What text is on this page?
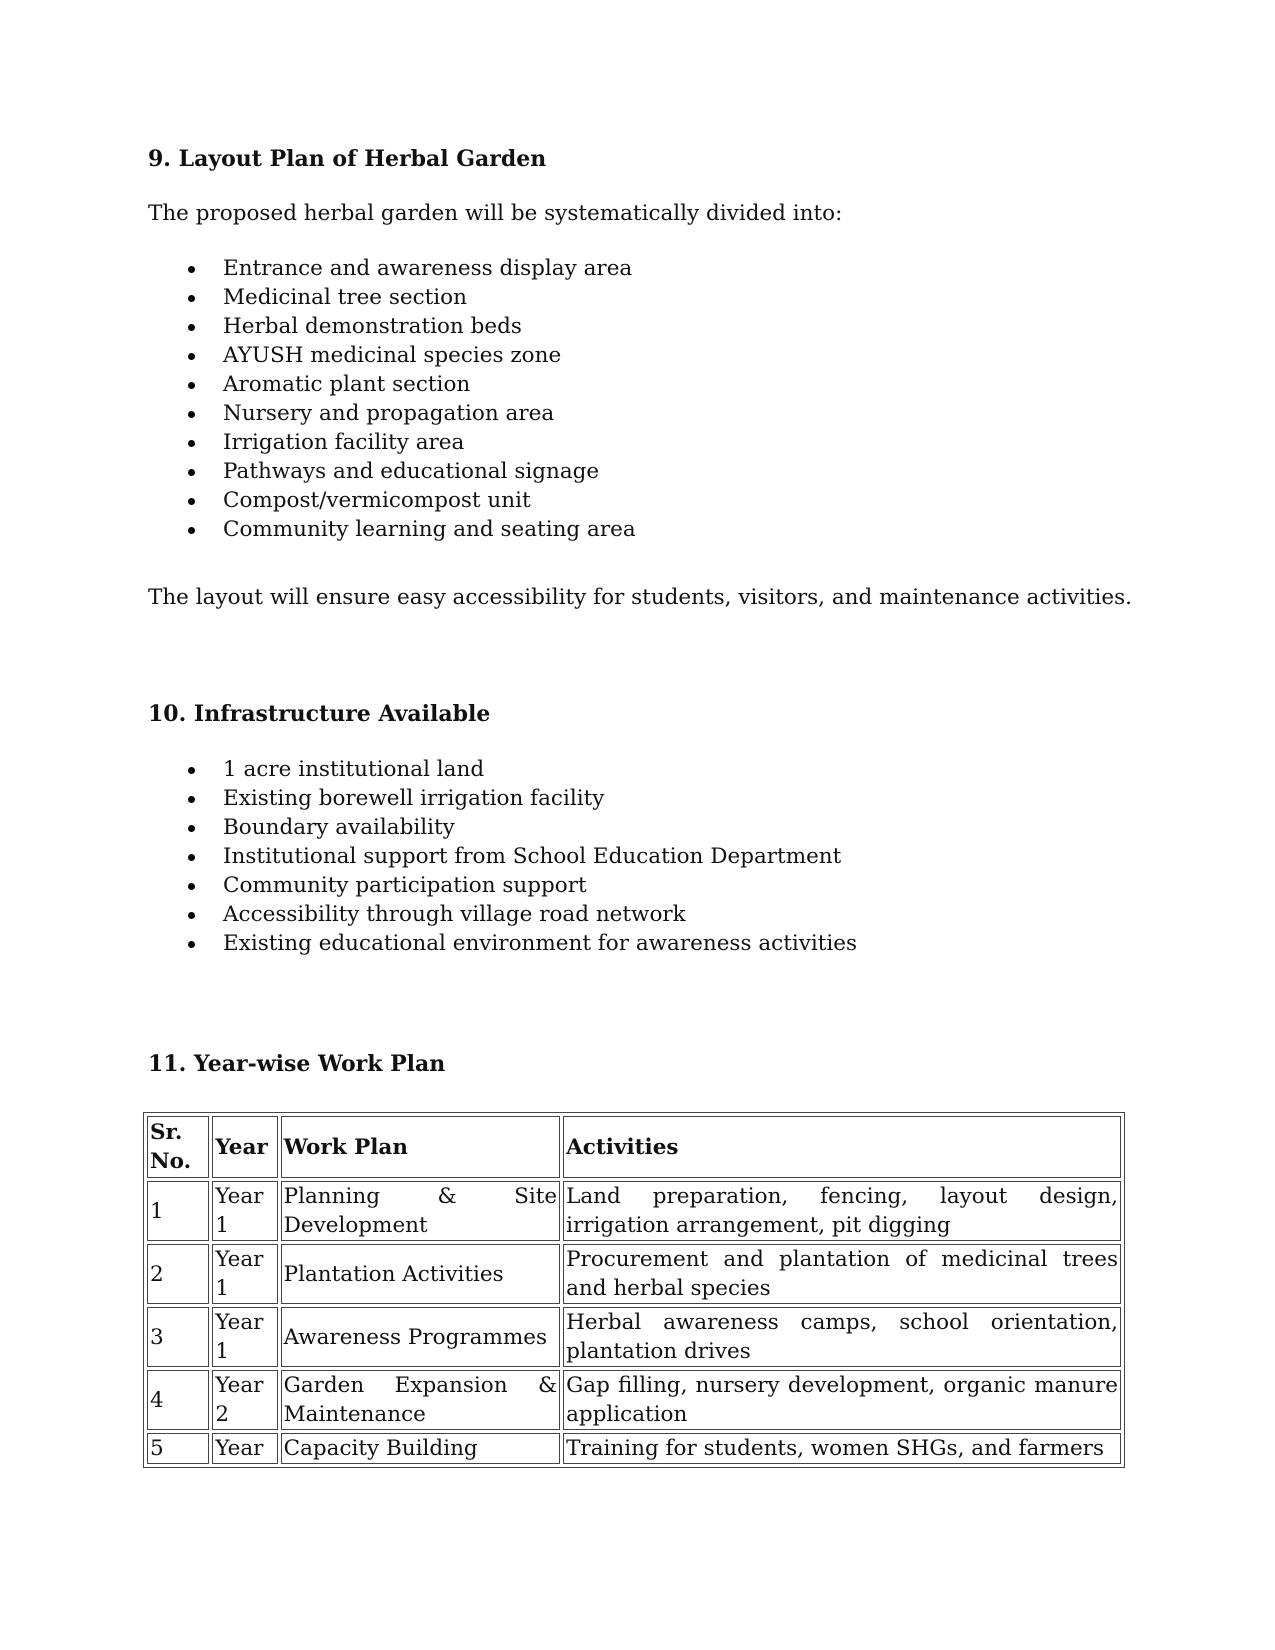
9. Layout Plan of Herbal Garden
The proposed herbal garden will be systematically divided into:
Entrance and awareness display area
Medicinal tree section
Herbal demonstration beds
AYUSH medicinal species zone
Aromatic plant section
Nursery and propagation area
Irrigation facility area
Pathways and educational signage
Compost/vermicompost unit
Community learning and seating area
The layout will ensure easy accessibility for students, visitors, and maintenance activities.
10. Infrastructure Available
1 acre institutional land
Existing borewell irrigation facility
Boundary availability
Institutional support from School Education Department
Community participation support
Accessibility through village road network
Existing educational environment for awareness activities
11. Year-wise Work Plan
Sr. No.	Year	Work Plan	Activities
1	Year 1	Planning & Site Development	Land preparation, fencing, layout design, irrigation arrangement, pit digging
2	Year 1	Plantation Activities	Procurement and plantation of medicinal trees and herbal species
3	Year 1	Awareness Programmes	Herbal awareness camps, school orientation, plantation drives
4	Year 2	Garden Expansion & Maintenance	Gap filling, nursery development, organic manure application
5	Year	Capacity Building	Training for students, women SHGs, and farmers
